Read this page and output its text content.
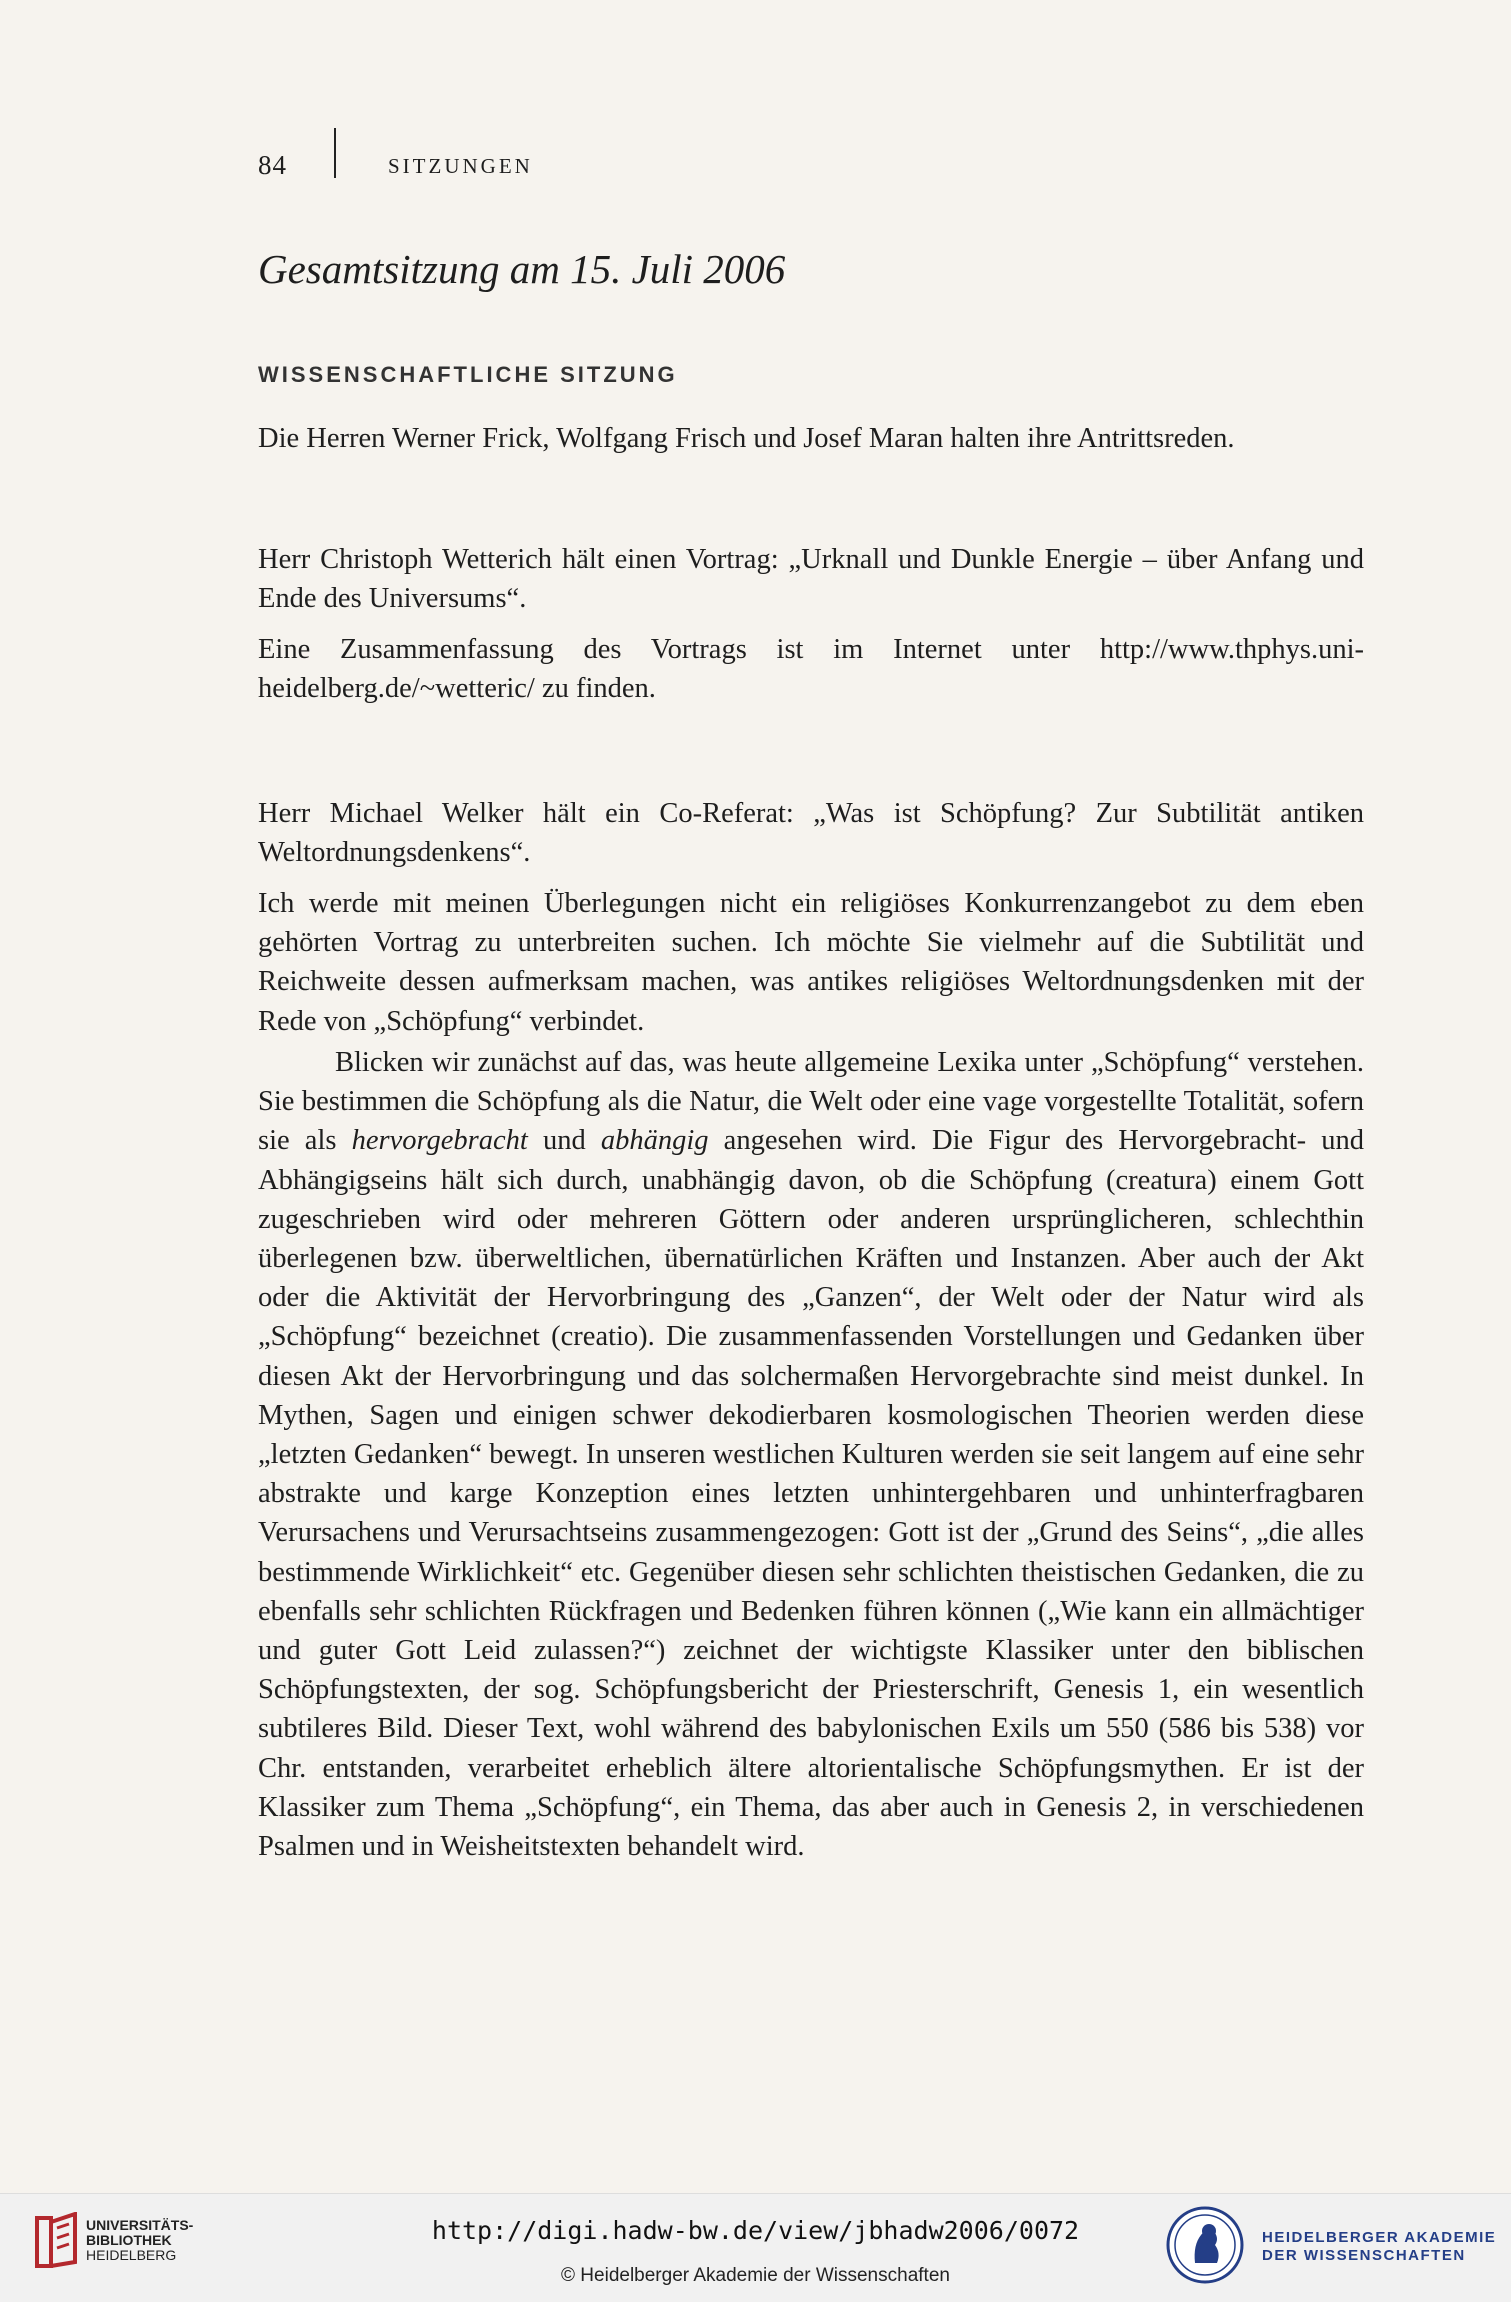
84	SITZUNGEN
Gesamtsitzung am 15. Juli 2006
WISSENSCHAFTLICHE SITZUNG

Die Herren Werner Frick, Wolfgang Frisch und Josef Maran halten ihre Antrittsreden.

Herr Christoph Wetterich hält einen Vortrag: „Urknall und Dunkle Energie – über Anfang und Ende des Universums“.

Eine Zusammenfassung des Vortrags ist im Internet unter http://www.thphys.uni-heidelberg.de/~wetteric/ zu finden.

Herr Michael Welker hält ein Co-Referat: „Was ist Schöpfung? Zur Subtilität antiken Weltordnungsdenkens“.

Ich werde mit meinen Überlegungen nicht ein religiöses Konkurrenzangebot zu dem eben gehörten Vortrag zu unterbreiten suchen. Ich möchte Sie vielmehr auf die Subtilität und Reichweite dessen aufmerksam machen, was antikes religiöses Weltordnungsdenken mit der Rede von „Schöpfung“ verbindet.

Blicken wir zunächst auf das, was heute allgemeine Lexika unter „Schöpfung“ verstehen. Sie bestimmen die Schöpfung als die Natur, die Welt oder eine vage vorgestellte Totalität, sofern sie als hervorgebracht und abhängig angesehen wird. Die Figur des Hervorgebracht- und Abhängigseins hält sich durch, unabhängig davon, ob die Schöpfung (creatura) einem Gott zugeschrieben wird oder mehreren Göttern oder anderen ursprünglicheren, schlechthin überlegenen bzw. überweltlichen, übernatürlichen Kräften und Instanzen. Aber auch der Akt oder die Aktivität der Hervorbringung des „Ganzen“, der Welt oder der Natur wird als „Schöpfung“ bezeichnet (creatio). Die zusammenfassenden Vorstellungen und Gedanken über diesen Akt der Hervorbringung und das solchermaßen Hervorgebrachte sind meist dunkel. In Mythen, Sagen und einigen schwer dekodierbaren kosmologischen Theorien werden diese „letzten Gedanken“ bewegt. In unseren westlichen Kulturen werden sie seit langem auf eine sehr abstrakte und karge Konzeption eines letzten unhintergehbaren und unhinterfragbaren Verursachens und Verursachtseins zusammengezogen: Gott ist der „Grund des Seins“, „die alles bestimmende Wirklichkeit“ etc. Gegenüber diesen sehr schlichten theistischen Gedanken, die zu ebenfalls sehr schlichten Rückfragen und Bedenken führen können („Wie kann ein allmächtiger und guter Gott Leid zulassen?“) zeichnet der wichtigste Klassiker unter den biblischen Schöpfungstexten, der sog. Schöpfungsbericht der Priesterschrift, Genesis 1, ein wesentlich subtileres Bild. Dieser Text, wohl während des babylonischen Exils um 550 (586 bis 538) vor Chr. entstanden, verarbeitet erheblich ältere altorientalische Schöpfungsmythen. Er ist der Klassiker zum Thema „Schöpfung“, ein Thema, das aber auch in Genesis 2, in verschiedenen Psalmen und in Weisheitstexten behandelt wird.

UNIVERSITÄTS-
BIBLIOTHEK
HEIDELBERG
http://digi.hadw-bw.de/view/jbhadw2006/0072
© Heidelberger Akademie der Wissenschaften
HEIDELBERGER AKADEMIE
DER WISSENSCHAFTEN
